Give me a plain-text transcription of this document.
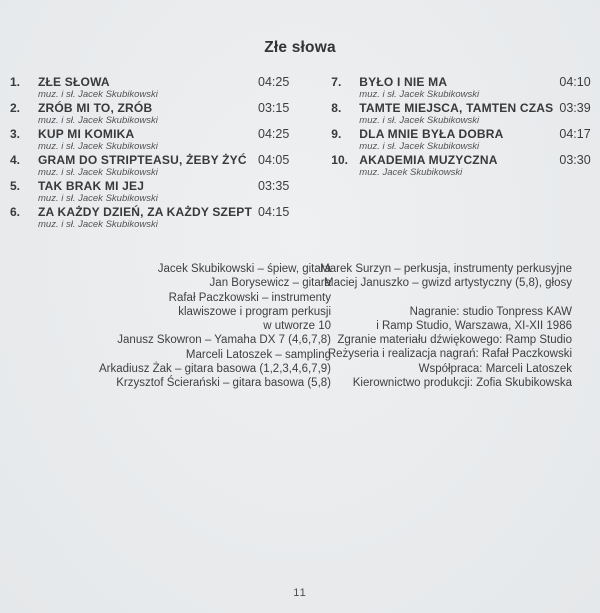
Złe słowa
1.	ZŁE SŁOWA
muz. i sł. Jacek Skubikowski
04:25
2.	ZRÓB MI TO, ZRÓB
muz. i sł. Jacek Skubikowski
03:15
3.	KUP MI KOMIKA
muz. i sł. Jacek Skubikowski
04:25
4.	GRAM DO STRIPTEASU, ŻEBY ŻYĆ
muz. i sł. Jacek Skubikowski
04:05
5.	TAK BRAK MI JEJ
muz. i sł. Jacek Skubikowski
03:35
6.	ZA KAŻDY DZIEŃ, ZA KAŻDY SZEPT
muz. i sł. Jacek Skubikowski
04:15
7.	BYŁO I NIE MA
muz. i sł. Jacek Skubikowski
04:10
8.	TAMTE MIEJSCA, TAMTEN CZAS
muz. i sł. Jacek Skubikowski
03:39
9.	DLA MNIE BYŁA DOBRA
muz. i sł. Jacek Skubikowski
04:17
10. AKADEMIA MUZYCZNA
muz. Jacek Skubikowski
03:30
Jacek Skubikowski – śpiew, gitara
Jan Borysewicz – gitara
Rafał Paczkowski – instrumenty
klawiszowe i program perkusji
w utworze 10
Janusz Skowron – Yamaha DX 7 (4,6,7,8)
Marceli Latoszek – sampling
Arkadiusz Żak – gitara basowa (1,2,3,4,6,7,9)
Krzysztof Ścierański – gitara basowa (5,8)
Marek Surzyn – perkusja, instrumenty perkusyjne
Maciej Januszko – gwizd artystyczny (5,8), głosy
Nagranie: studio Tonpress KAW
i Ramp Studio, Warszawa, XI-XII 1986
Zgranie materiału dźwiękowego: Ramp Studio
Reżyseria i realizacja nagrań: Rafał Paczkowski
Współpraca: Marceli Latoszek
Kierownictwo produkcji: Zofia Skubikowska
11
